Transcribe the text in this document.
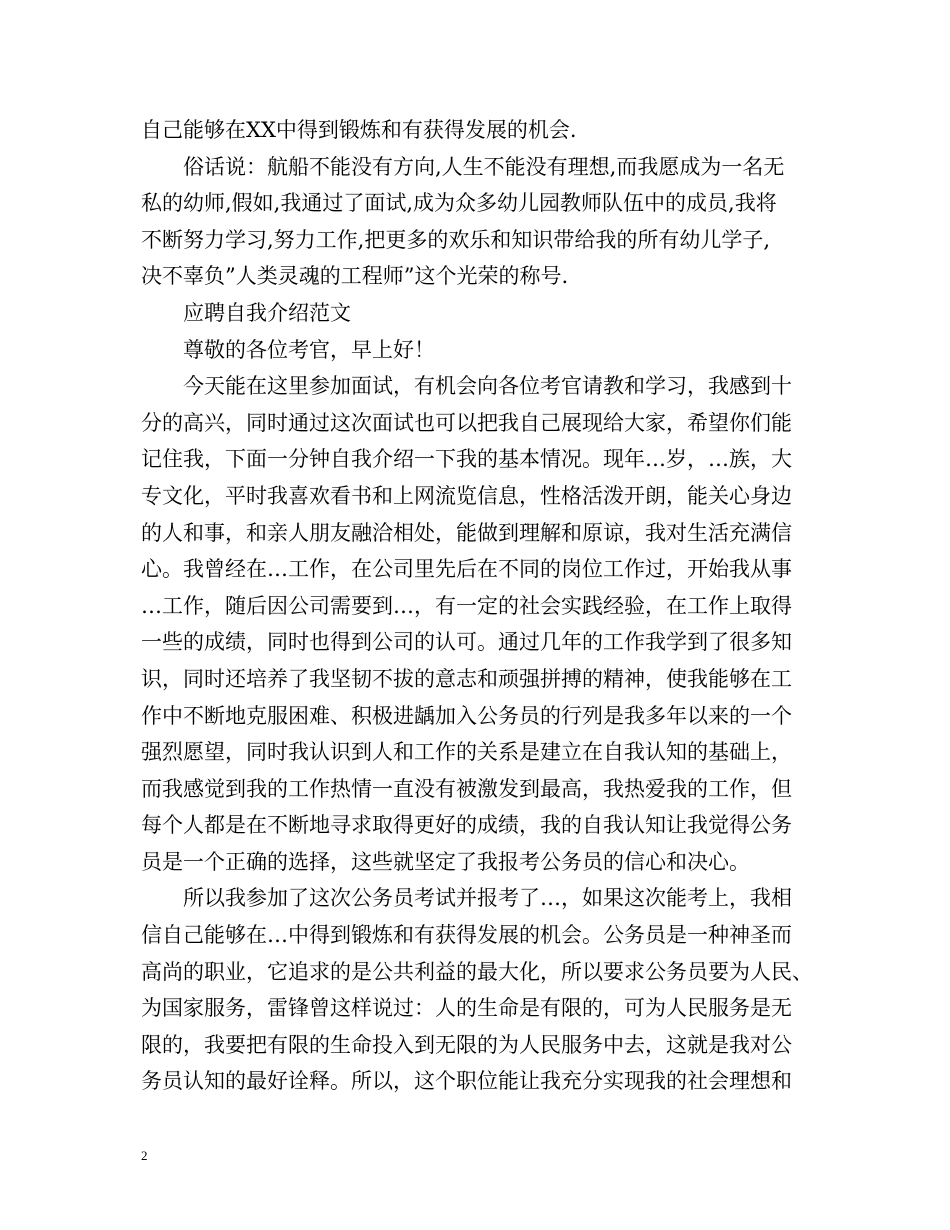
自己能够在XX中得到锻炼和有获得发展的机会.
俗话说：航船不能没有方向,人生不能没有理想,而我愿成为一名无
私的幼师,假如,我通过了面试,成为众多幼儿园教师队伍中的成员,我将
不断努力学习,努力工作,把更多的欢乐和知识带给我的所有幼儿学子,
决不辜负”人类灵魂的工程师”这个光荣的称号.
应聘自我介绍范文
尊敬的各位考官，早上好！
今天能在这里参加面试，有机会向各位考官请教和学习，我感到十
分的高兴，同时通过这次面试也可以把我自己展现给大家，希望你们能
记住我，下面一分钟自我介绍一下我的基本情况。现年…岁，…族，大
专文化，平时我喜欢看书和上网流览信息，性格活泼开朗，能关心身边
的人和事，和亲人朋友融洽相处，能做到理解和原谅，我对生活充满信
心。我曾经在…工作，在公司里先后在不同的岗位工作过，开始我从事
…工作，随后因公司需要到…，有一定的社会实践经验，在工作上取得
一些的成绩，同时也得到公司的认可。通过几年的工作我学到了很多知
识，同时还培养了我坚韧不拔的意志和顽强拼搏的精神，使我能够在工
作中不断地克服困难、积极进龋加入公务员的行列是我多年以来的一个
强烈愿望，同时我认识到人和工作的关系是建立在自我认知的基础上，
而我感觉到我的工作热情一直没有被激发到最高，我热爱我的工作，但
每个人都是在不断地寻求取得更好的成绩，我的自我认知让我觉得公务
员是一个正确的选择，这些就坚定了我报考公务员的信心和决心。
所以我参加了这次公务员考试并报考了…，如果这次能考上，我相
信自己能够在…中得到锻炼和有获得发展的机会。公务员是一种神圣而
高尚的职业，它追求的是公共利益的最大化，所以要求公务员要为人民、
为国家服务，雷锋曾这样说过：人的生命是有限的，可为人民服务是无
限的，我要把有限的生命投入到无限的为人民服务中去，这就是我对公
务员认知的最好诠释。所以，这个职位能让我充分实现我的社会理想和
2
